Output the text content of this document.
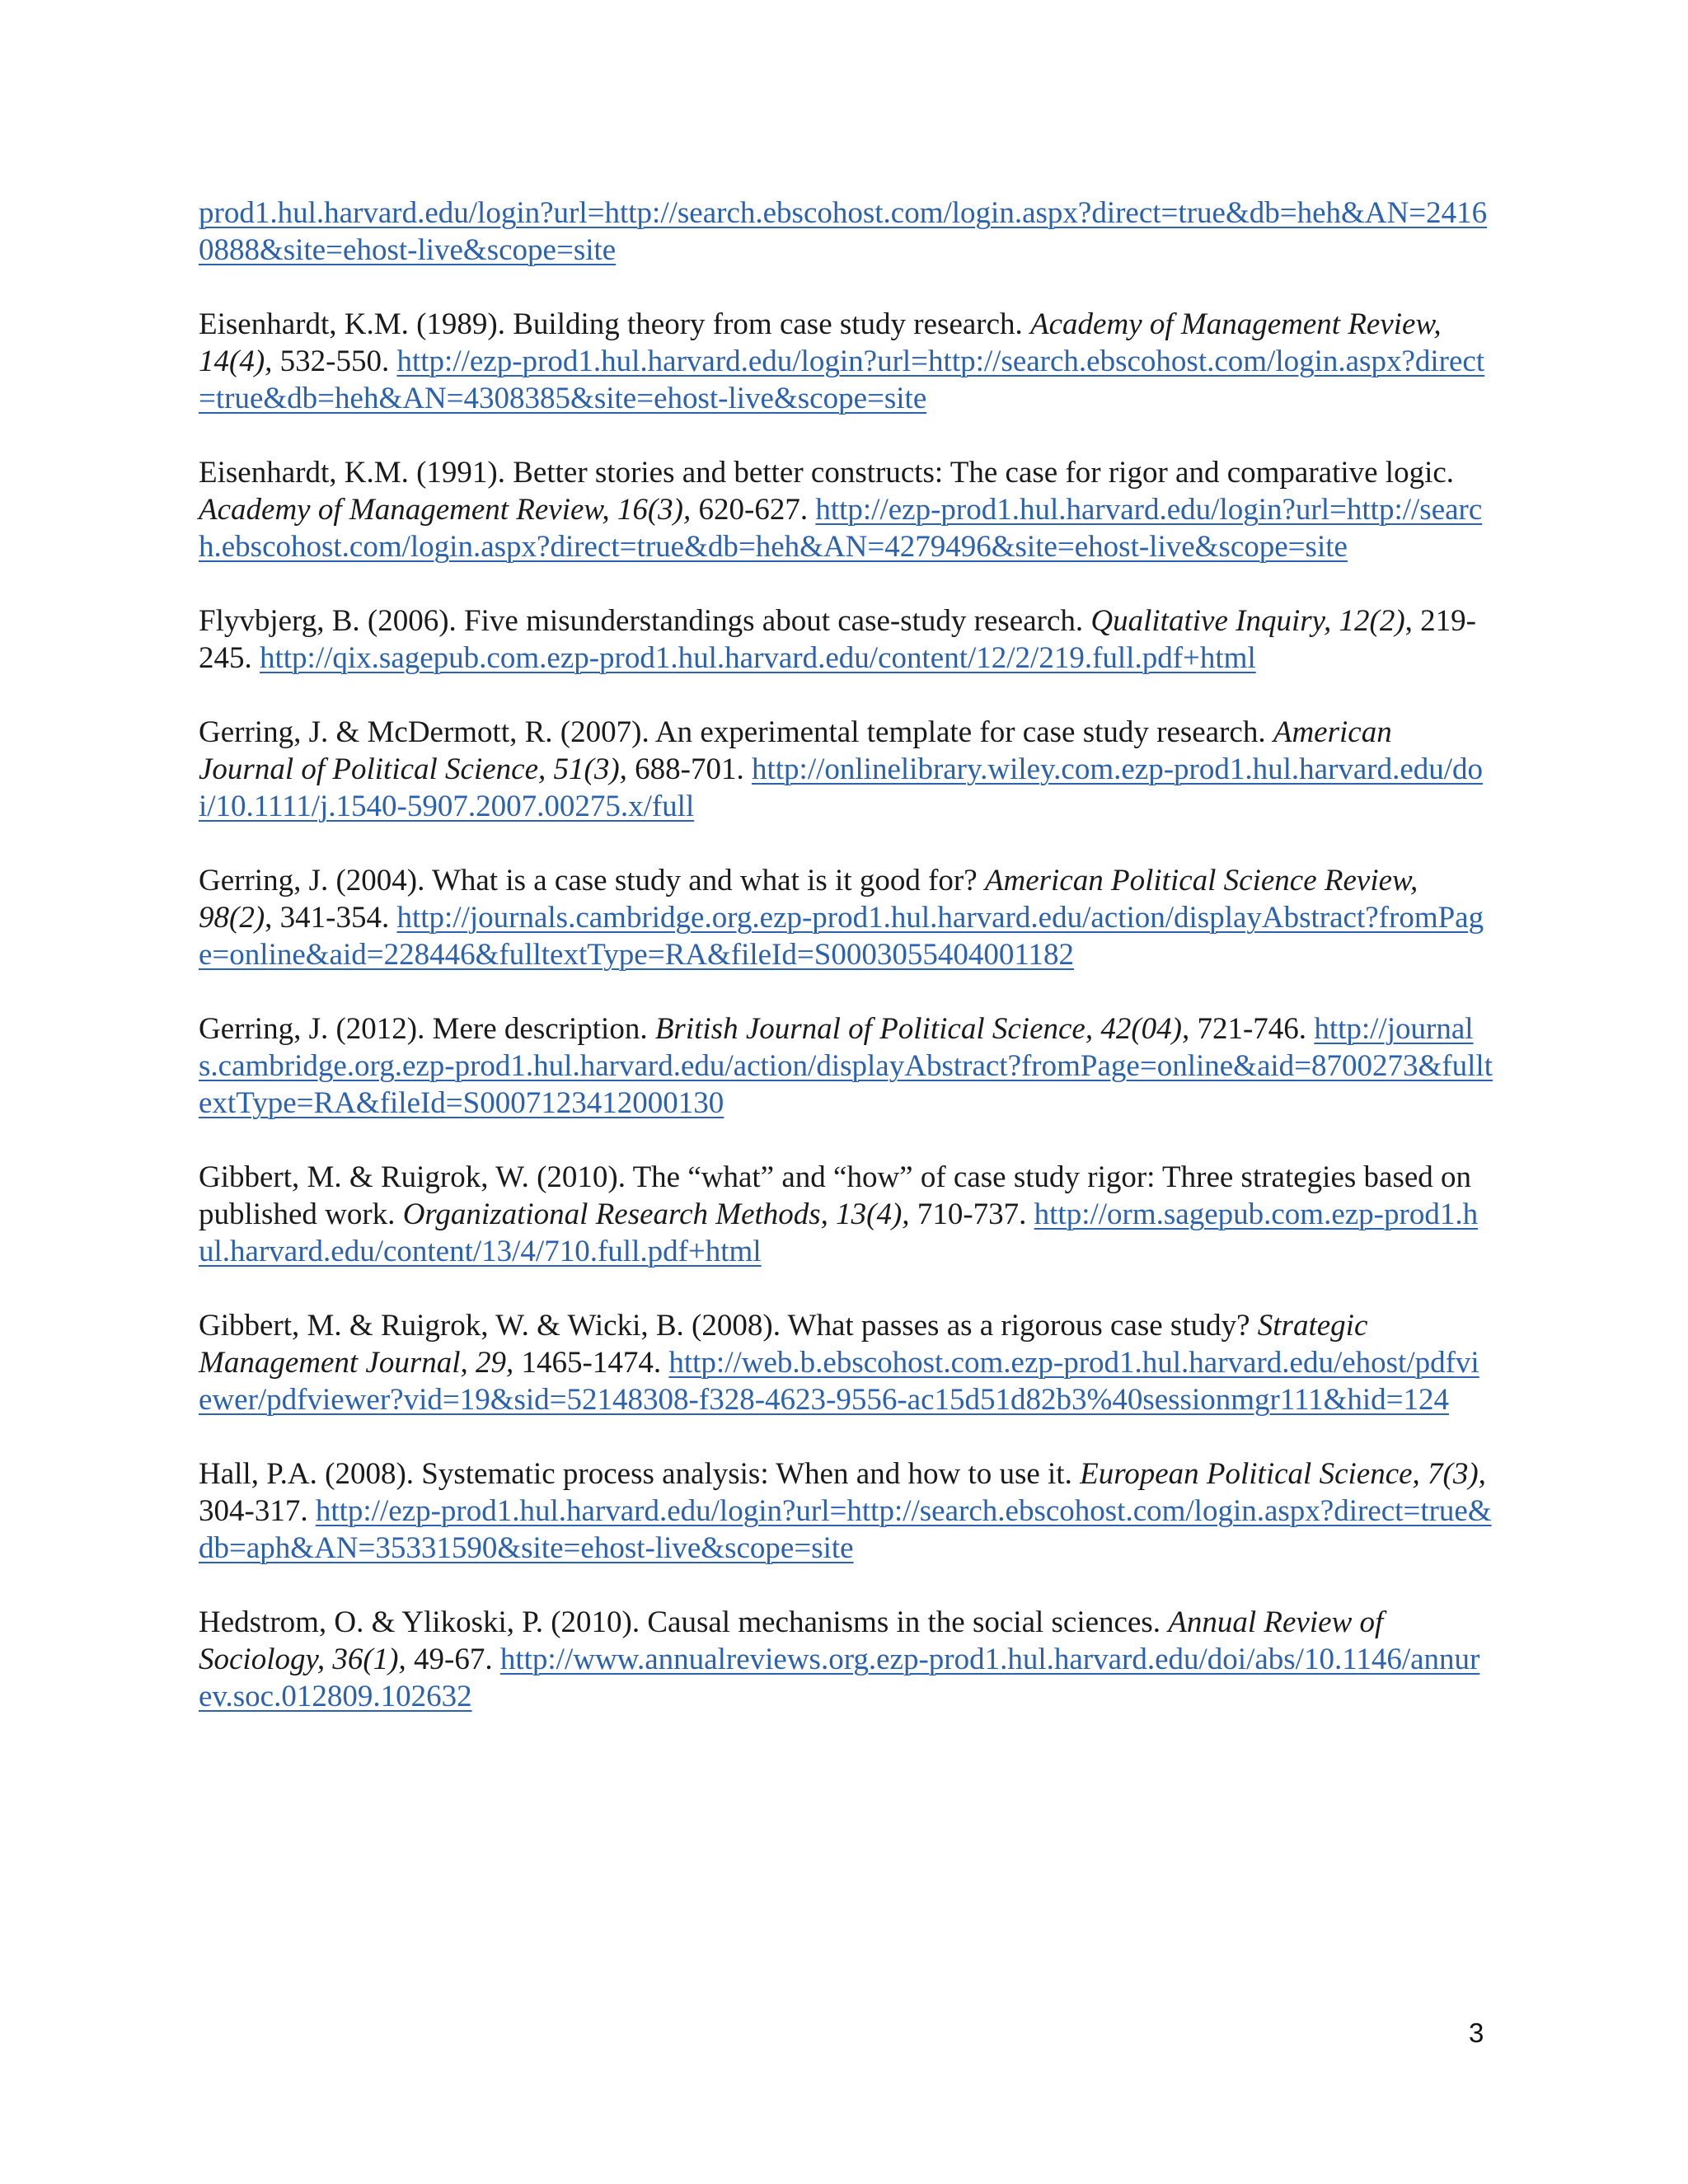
prod1.hul.harvard.edu/login?url=http://search.ebscohost.com/login.aspx?direct=true&db=heh&AN=24160888&site=ehost-live&scope=site

Eisenhardt, K.M. (1989). Building theory from case study research. Academy of Management Review, 14(4), 532-550. http://ezp-prod1.hul.harvard.edu/login?url=http://search.ebscohost.com/login.aspx?direct=true&db=heh&AN=4308385&site=ehost-live&scope=site

Eisenhardt, K.M. (1991). Better stories and better constructs: The case for rigor and comparative logic. Academy of Management Review, 16(3), 620-627. http://ezp-prod1.hul.harvard.edu/login?url=http://search.ebscohost.com/login.aspx?direct=true&db=heh&AN=4279496&site=ehost-live&scope=site

Flyvbjerg, B. (2006). Five misunderstandings about case-study research. Qualitative Inquiry, 12(2), 219-245. http://qix.sagepub.com.ezp-prod1.hul.harvard.edu/content/12/2/219.full.pdf+html

Gerring, J. & McDermott, R. (2007). An experimental template for case study research. American Journal of Political Science, 51(3), 688-701. http://onlinelibrary.wiley.com.ezp-prod1.hul.harvard.edu/doi/10.1111/j.1540-5907.2007.00275.x/full

Gerring, J. (2004). What is a case study and what is it good for? American Political Science Review, 98(2), 341-354. http://journals.cambridge.org.ezp-prod1.hul.harvard.edu/action/displayAbstract?fromPage=online&aid=228446&fulltextType=RA&fileId=S0003055404001182

Gerring, J. (2012). Mere description. British Journal of Political Science, 42(04), 721-746. http://journals.cambridge.org.ezp-prod1.hul.harvard.edu/action/displayAbstract?fromPage=online&aid=8700273&fulltextType=RA&fileId=S0007123412000130

Gibbert, M. & Ruigrok, W. (2010). The “what” and “how” of case study rigor: Three strategies based on published work. Organizational Research Methods, 13(4), 710-737. http://orm.sagepub.com.ezp-prod1.hul.harvard.edu/content/13/4/710.full.pdf+html

Gibbert, M. & Ruigrok, W. & Wicki, B. (2008). What passes as a rigorous case study? Strategic Management Journal, 29, 1465-1474. http://web.b.ebscohost.com.ezp-prod1.hul.harvard.edu/ehost/pdfviewer/pdfviewer?vid=19&sid=52148308-f328-4623-9556-ac15d51d82b3%40sessionmgr111&hid=124

Hall, P.A. (2008). Systematic process analysis: When and how to use it. European Political Science, 7(3), 304-317. http://ezp-prod1.hul.harvard.edu/login?url=http://search.ebscohost.com/login.aspx?direct=true&db=aph&AN=35331590&site=ehost-live&scope=site

Hedstrom, O. & Ylikoski, P. (2010). Causal mechanisms in the social sciences. Annual Review of Sociology, 36(1), 49-67. http://www.annualreviews.org.ezp-prod1.hul.harvard.edu/doi/abs/10.1146/annurev.soc.012809.102632

3
